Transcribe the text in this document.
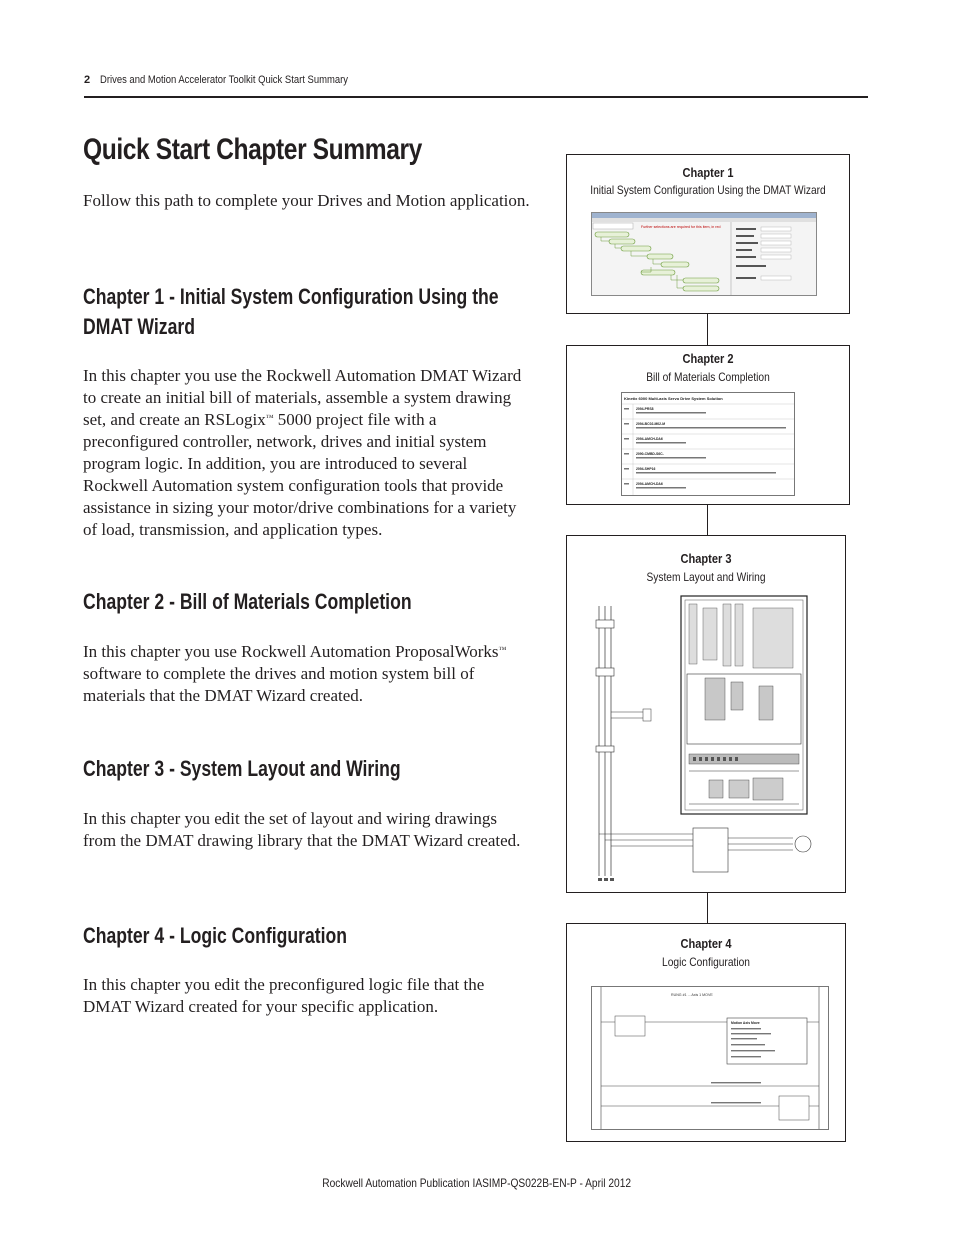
2 Drives and Motion Accelerator Toolkit Quick Start Summary
Quick Start Chapter Summary

Follow this path to complete your Drives and Motion application.

Chapter 1 - Initial System Configuration Using the DMAT Wizard

In this chapter you use the Rockwell Automation DMAT Wizard to create an initial bill of materials, assemble a system drawing set, and create an RSLogix™ 5000 project file with a preconfigured controller, network, drives and initial system program logic. In addition, you are introduced to several Rockwell Automation system configuration tools that provide assistance in sizing your motor/drive combinations for a variety of load, transmission, and application types.

Chapter 2 - Bill of Materials Completion

In this chapter you use Rockwell Automation ProposalWorks™ software to complete the drives and motion system bill of materials that the DMAT Wizard created.

Chapter 3 - System Layout and Wiring

In this chapter you edit the set of layout and wiring drawings from the DMAT drawing library that the DMAT Wizard created.

Chapter 4 - Logic Configuration

In this chapter you edit the preconfigured logic file that the DMAT Wizard created for your specific application.

Chapter 1
Initial System Configuration Using the DMAT Wizard
Further selections are required for this item, in red
Chapter 2
Bill of Materials Completion
Kinetix 6000 Multi-axis Servo Drive System Solution
2094-PRS8
2094-BC02-M02-M
2094-AMCH-DA6
2090-CMBD-S6C-
2094-SHP16
2094-AMCH-DA6
Chapter 3
System Layout and Wiring
Chapter 4
Logic Configuration
RUNG #1 ... Axis 1 MOVE
Motion Axis Move
Rockwell Automation Publication IASIMP-QS022B-EN-P - April 2012
